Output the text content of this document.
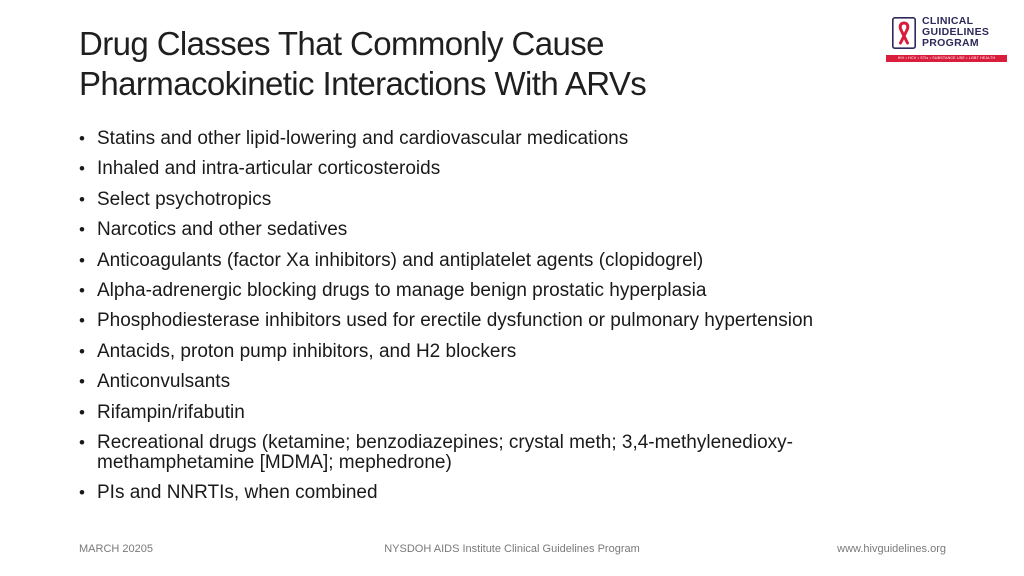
Drug Classes That Commonly Cause
Pharmacokinetic Interactions With ARVs
CLINICAL
GUIDELINES
PROGRAM
HIV • HCV • STIs • SUBSTANCE USE • LGBT HEALTH
• Statins and other lipid-lowering and cardiovascular medications
• Inhaled and intra-articular corticosteroids
• Select psychotropics
• Narcotics and other sedatives
• Anticoagulants (factor Xa inhibitors) and antiplatelet agents (clopidogrel)
• Alpha-adrenergic blocking drugs to manage benign prostatic hyperplasia
• Phosphodiesterase inhibitors used for erectile dysfunction or pulmonary hypertension
• Antacids, proton pump inhibitors, and H2 blockers
• Anticonvulsants
• Rifampin/rifabutin
• Recreational drugs (ketamine; benzodiazepines; crystal meth; 3,4-methylenedioxy-methamphetamine [MDMA]; mephedrone)
• PIs and NNRTIs, when combined
MARCH 20205	NYSDOH AIDS Institute Clinical Guidelines Program	www.hivguidelines.org
